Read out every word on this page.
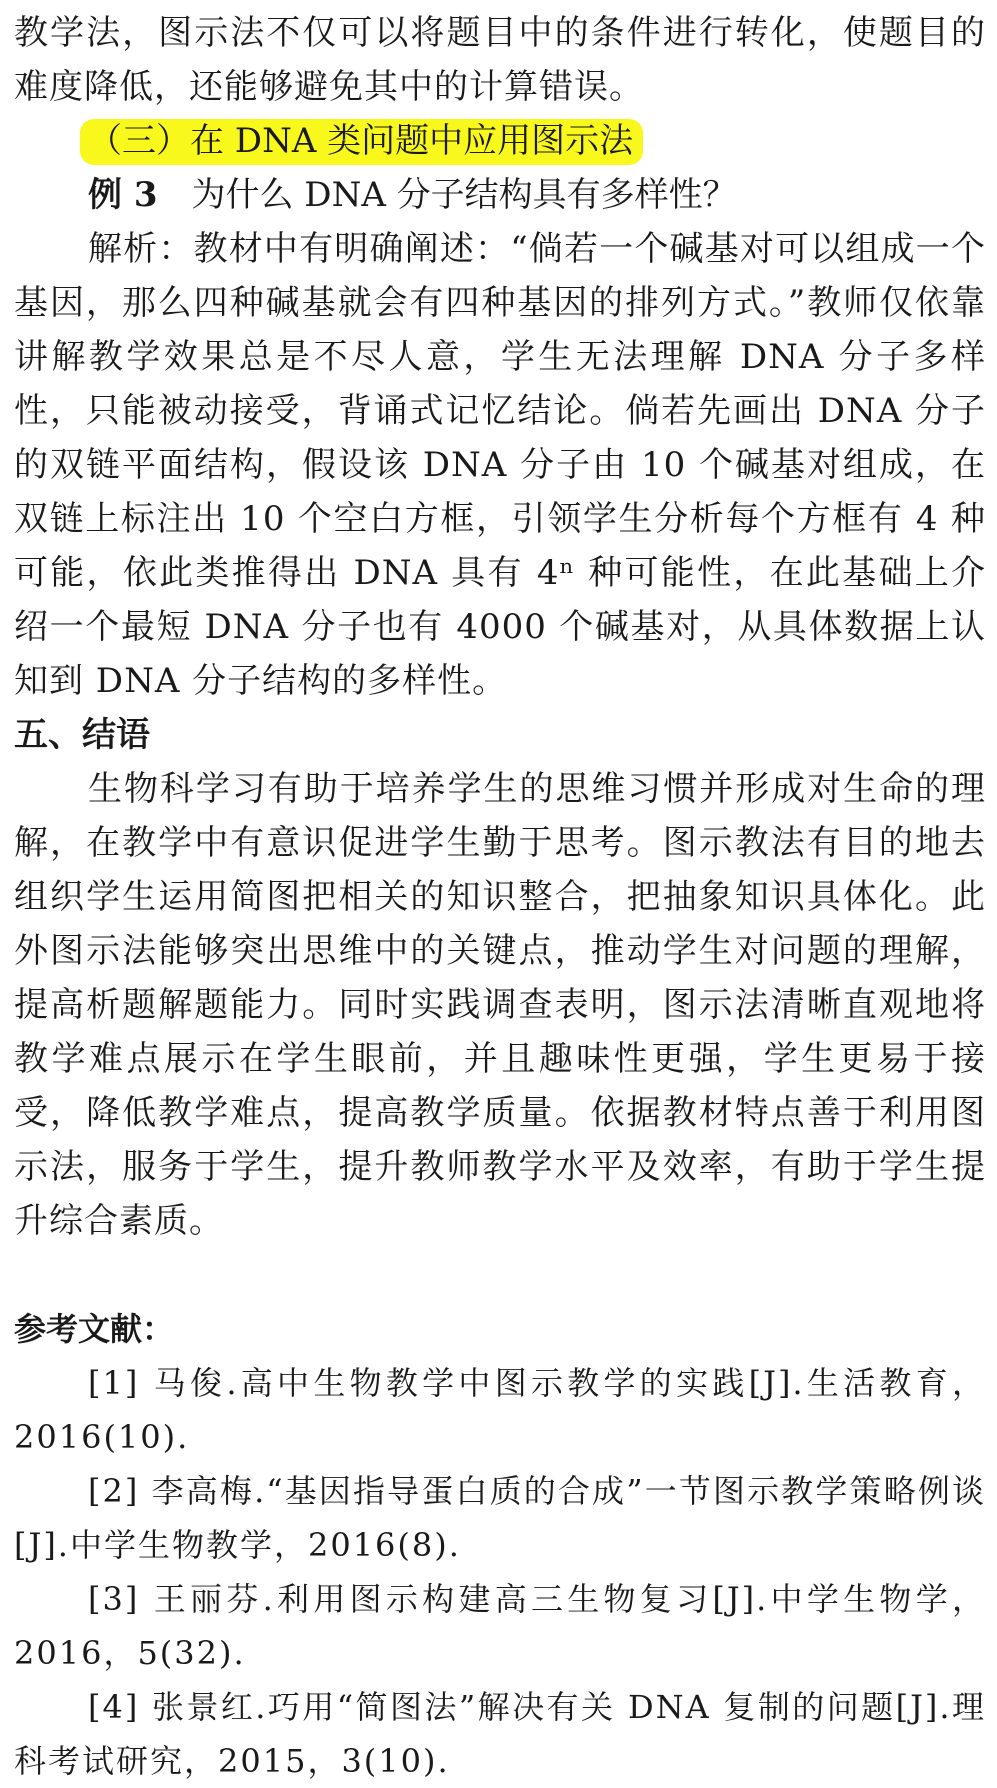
教学法，图示法不仅可以将题目中的条件进行转化，使题目的难度降低，还能够避免其中的计算错误。

（三）在 DNA 类问题中应用图示法

例 3 为什么 DNA 分子结构具有多样性？

解析：教材中有明确阐述：“倘若一个碱基对可以组成一个基因，那么四种碱基就会有四种基因的排列方式。”教师仅依靠讲解教学效果总是不尽人意，学生无法理解 DNA 分子多样性，只能被动接受，背诵式记忆结论。倘若先画出 DNA 分子的双链平面结构，假设该 DNA 分子由 10 个碱基对组成，在双链上标注出 10 个空白方框，引领学生分析每个方框有 4 种可能，依此类推得出 DNA 具有 4ⁿ 种可能性，在此基础上介绍一个最短 DNA 分子也有 4000 个碱基对，从具体数据上认知到 DNA 分子结构的多样性。

五、结语

生物科学习有助于培养学生的思维习惯并形成对生命的理解，在教学中有意识促进学生勤于思考。图示教法有目的地去组织学生运用简图把相关的知识整合，把抽象知识具体化。此外图示法能够突出思维中的关键点，推动学生对问题的理解，提高析题解题能力。同时实践调查表明，图示法清晰直观地将教学难点展示在学生眼前，并且趣味性更强，学生更易于接受，降低教学难点，提高教学质量。依据教材特点善于利用图示法，服务于学生，提升教师教学水平及效率，有助于学生提升综合素质。

参考文献：

[1] 马俊.高中生物教学中图示教学的实践[J].生活教育，2016(10).

[2] 李高梅.“基因指导蛋白质的合成”一节图示教学策略例谈[J].中学生物教学，2016(8).

[3] 王丽芬.利用图示构建高三生物复习[J].中学生物学，2016，5(32).

[4] 张景红.巧用“简图法”解决有关 DNA 复制的问题[J].理科考试研究，2015，3(10).
